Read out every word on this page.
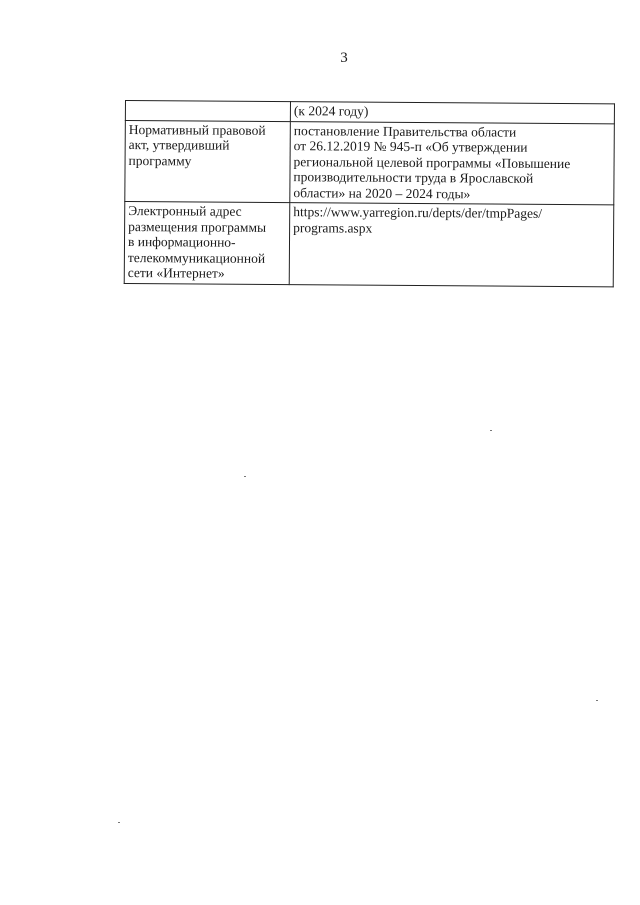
3

	(к 2024 году)

Нормативный правовой
акт, утвердивший
программу	постановление Правительства области
от 26.12.2019 № 945-п «Об утверждении
региональной целевой программы «Повышение
производительности труда в Ярославской
области» на 2020 – 2024 годы»

Электронный адрес
размещения программы
в информационно-
телекоммуникационной
сети «Интернет»	https://www.yarregion.ru/depts/der/tmpPages/
programs.aspx
